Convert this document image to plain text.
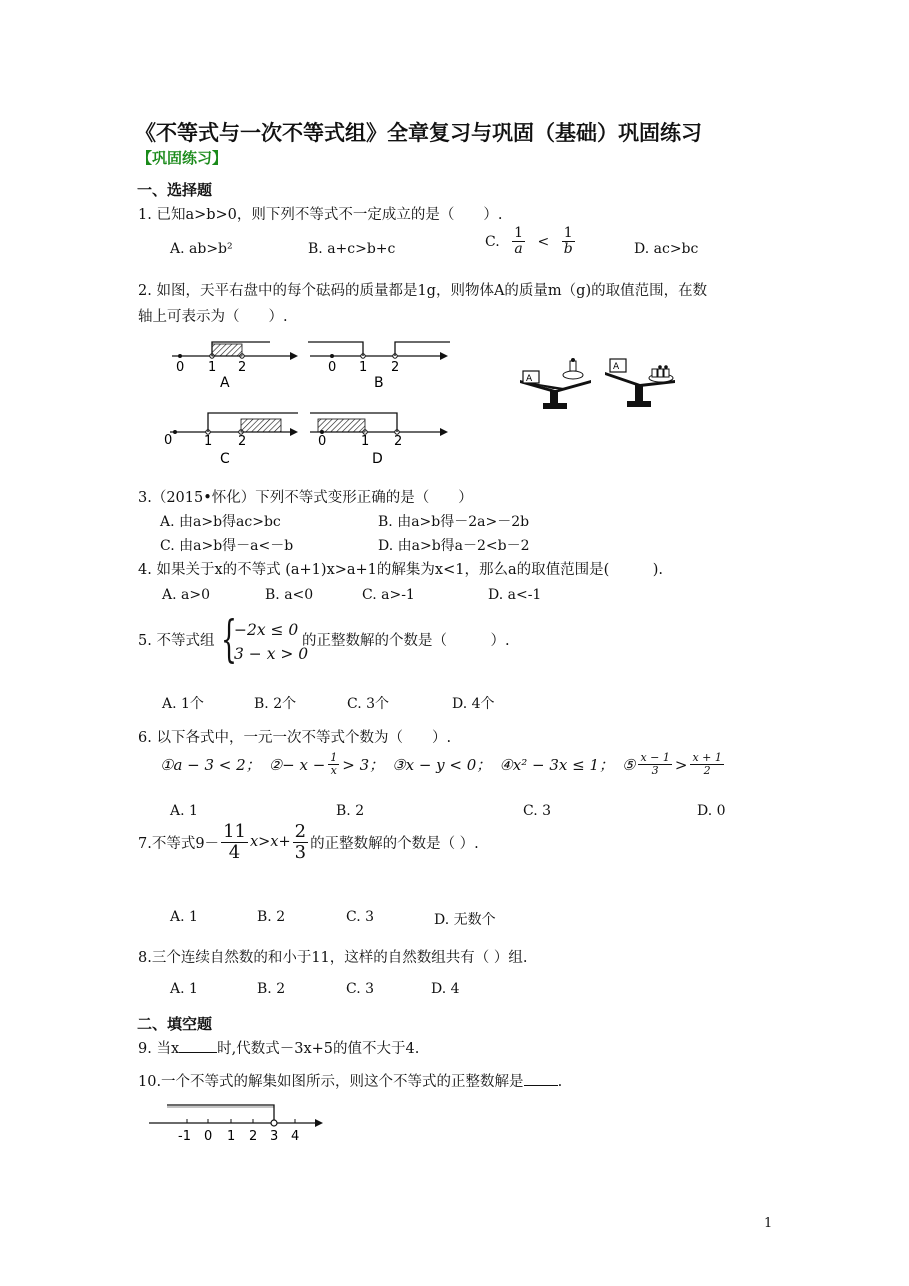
《不等式与一次不等式组》全章复习与巩固（基础）巩固练习
【巩固练习】
一、选择题
1. 已知a>b>0，则下列不等式不一定成立的是（　　）.
A. ab>b²	B. a+c>b+c	C. $\frac{1}{a} < \frac{1}{b}$	D. ac>bc
2. 如图，天平右盘中的每个砝码的质量都是1g，则物体A的质量m（g)的取值范围，在数
轴上可表示为（　　）.
0 1 2
A
0 1 2
B
0 1 2
C
0	1 2
D
A
A
3.（2015•怀化）下列不等式变形正确的是（　　）
A. 由a>b得ac>bc	B. 由a>b得－2a>－2b
C. 由a>b得－a<－b	D. 由a>b得a－2<b－2
4. 如果关于x的不等式 (a+1)x>a+1的解集为x<1，那么a的取值范围是(　　　).
A. a>0	B. a<0	C. a>-1	D. a<-1
5. 不等式组 {
−2x ≤ 0
3 − x > 0
的正整数解的个数是（　　　）.
A. 1个	B. 2个	C. 3个	D. 4个
6. 以下各式中，一元一次不等式个数为（　　）.
①a − 3 < 2； ②− $x - \frac{1}{x} > 3$； ③x − y < 0； ④x² − 3x ≤ 1； ⑤ $\frac{x - 1}{3} > \frac{x + 1}{2}$
A. 1	B. 2	C. 3	D. 0
7.不等式$9- \frac{11}{4} x>x+ \frac{2}{3}$ 的正整数解的个数是（ ）.
A. 1	B. 2	C. 3	D. 无数个
8.三个连续自然数的和小于11，这样的自然数组共有（ ）组.
A. 1	B. 2	C. 3	D. 4
二、填空题
9. 当x	时,代数式－3x+5的值不大于4.
10.一个不等式的解集如图所示，则这个不等式的正整数解是 .
-1 0 1 2 3 4
1
